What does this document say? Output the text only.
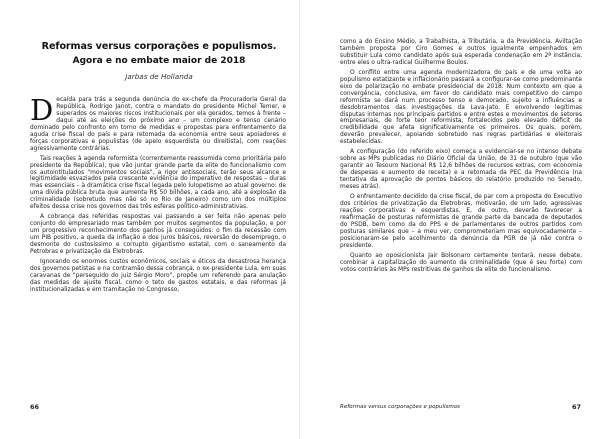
Reformas versus corporações e populismos.
Agora e no embate maior de 2018
Jarbas de Hollanda

Decaída para trás a segunda denúncia do ex-chefe da Procuradoria Geral da República, Rodrigo Janot, contra o mandato do presidente Michel Temer, e superados os maiores riscos institucionais por ela gerados, temos à frente – daqui até as eleições do próximo ano – um complexo e tenso cenário dominado pelo confronto em torno de medidas e propostas para enfrentamento da aguda crise fiscal do país e para retomada da economia entre seus apoiadores e forças corporativas e populistas (de apelo esquerdista ou direitista), com reações agressivamente contrárias.

Tais reações à agenda reformista (correntemente reassumida como prioritária pelo presidente da República), que vão juntar grande parte da elite do funcionalismo com os autointitulados "movimentos sociais", a rigor antissociais, terão seus alcance e legitimidade esvaziados pela crescente evidência do imperativo de respostas – duras mas essenciais – à dramática crise fiscal legada pelo lulopetismo ao atual governo: de uma dívida pública bruta que aumenta R$ 50 bilhões, a cada ano, até a explosão da criminalidade (sobretudo mas não só no Rio de Janeiro) como um dos múltiplos efeitos dessa crise nos governos das três esferas político-administrativas.

A cobrança das referidas respostas vai passando a ser feita não apenas pelo conjunto do empresariado mas também por muitos segmentos da população, e por um progressivo reconhecimento dos ganhos já conseguidos: o fim da recessão com um PIB positivo, a queda da inflação e dos juros básicos, reversão do desemprego, o desmonte do custosíssimo e corrupto gigantismo estatal, com o saneamento da Petrobras e privatização da Eletrobras.

Ignorando os enormes custos econômicos, sociais e éticos da desastrosa herança dos governos petistas e na contramão dessa cobrança, o ex-presidente Lula, em suas caravanas de "perseguido do juiz Sérgio Moro", propõe um referendo para anulação das medidas de ajuste fiscal, como o teto de gastos estatais, e das reformas já institucionalizadas e em tramitação no Congresso,

66

como a do Ensino Médio, a Trabalhista, a Tributária, a da Previdência. Aviltação também proposta por Ciro Gomes e outros igualmente empenhados em substituir Lula como candidato após sua esperada condenação em 2ª instância, entre eles o ultra-radical Guilherme Boulos.

O conflito entre uma agenda modernizadora do país e de uma volta ao populismo estatizante e inflacionário passará a configurar-se como predominante eixo de polarização no embate presidencial de 2018. Num contexto em que a convergência, conclusiva, em favor do candidato mais competitivo do campo reformista se dará num processo tenso e demorado, sujeito a influências e desdobramentos das investigações da Lava-Jato. E envolvendo legítimas disputas internas nos principais partidos e entre estes e movimentos de setores empresariais, de forte teor reformista, fortalecidos pelo elevado déficit de credibilidade que afeta significativamente os primeiros. Os quais, porém, deverão prevalecer, apoiando sobretudo nas regras partidárias e eleitorais estabelecidas.

A configuração (do referido eixo) começa a evidenciar-se no intenso debate sobre as MPs publicadas no Diário Oficial da União, de 31 de outubro (que vão garantir ao Tesouro Nacional R$ 12,6 bilhões de recursos extras, com economia de despesas e aumento de receita) e a retomada da PEC da Previdência (na tentativa da aprovação de pontos básicos do relatório produzido no Senado, meses atrás).

O enfrentamento decidido da crise fiscal, de par com a proposta do Executivo dos critérios de privatização da Eletrobras, motivarão, de um lado, agressivas reações corporativas e esquerdistas. E, de outro, deverão favorecer a reafirmação de posturas reformistas de grande parte da bancada de deputados do PSDB, bem como da do PPS e de parlamentares de outros partidos com posturas similares que – a meu ver, comprometeriam mas equivocadamente – posicionaram-se pelo acolhimento da denúncia da PGR de já não contra o presidente.

Quanto ao oposicionista Jair Bolsonaro certamente tentará, nesse debate, combinar a capitalização do aumento da criminalidade (que é seu forte) com votos contrários às MPs restritivas de ganhos da elite do funcionalismo.

Reformas versus corporações e populismos	67
